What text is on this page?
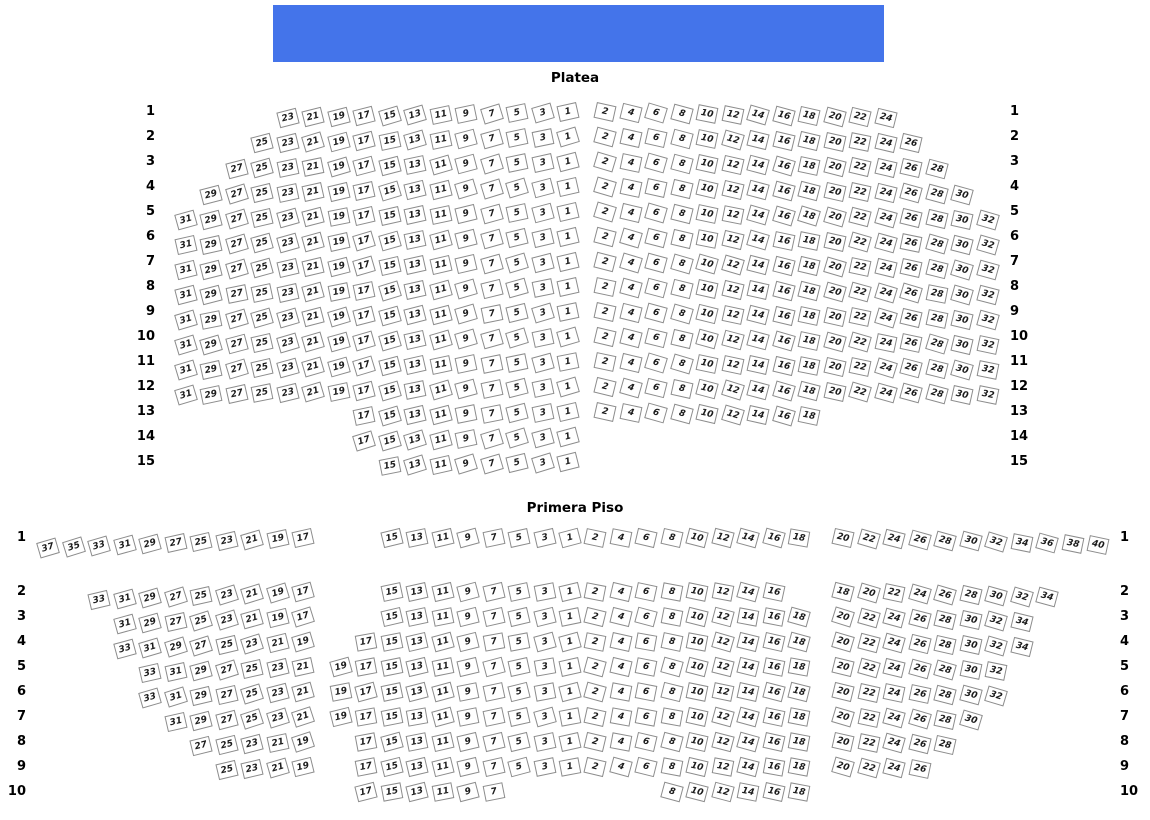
Platea
Primera Piso
23	21	19	17	15	13	11	9	7	5	3	1
25	23	21	19	17	15	13	11	9	7	5	3	1
27	25	23	21	19	17	15	13	11	9	7	5	3	1
29	27	25	23	21	19	17	15	13	11	9	7	5	3	1
31	29	27	25	23	21	19	17	15	13	11	9	7	5	3	1
31	29	27	25	23	21	19	17	15	13	11	9	7	5	3	1
31	29	27	25	23	21	19	17	15	13	11	9	7	5	3	1
31	29	27	25	23	21	19	17	15	13	11	9	7	5	3	1
31	29	27	25	23	21	19	17	15	13	11	9	7	5	3	1
31	29	27	25	23	21	19	17	15	13	11	9	7	5	3	1
31	29	27	25	23	21	19	17	15	13	11	9	7	5	3	1
31	29	27	25	23	21	19	17	15	13	11	9	7	5	3	1
17	15	13	11	9	7	5	3	1
17	15	13	11	9	7	5	3	1
15	13	11	9	7	5	3	1
2	4	6	8	10	12	14	16	18	20	22	24
2	4	6	8	10	12	14	16	18	20	22	24	26
2	4	6	8	10	12	14	16	18	20	22	24	26	28
2	4	6	8	10	12	14	16	18	20	22	24	26	28	30
2	4	6	8	10	12	14	16	18	20	22	24	26	28	30	32
2	4	6	8	10	12	14	16	18	20	22	24	26	28	30	32
2	4	6	8	10	12	14	16	18	20	22	24	26	28	30	32
2	4	6	8	10	12	14	16	18	20	22	24	26	28	30	32
2	4	6	8	10	12	14	16	18	20	22	24	26	28	30	32
2	4	6	8	10	12	14	16	18	20	22	24	26	28	30	32
2	4	6	8	10	12	14	16	18	20	22	24	26	28	30	32
2	4	6	8	10	12	14	16	18	20	22	24	26	28	30	32
2	4	6	8	10	12	14	16	18
37	35	33	31	29	27	25	23	21	19	17
33	31	29	27	25	23	21	19	17
31	29	27	25	23	21	19	17
33	31	29	27	25	23	21	19
33	31	29	27	25	23	21
33	31	29	27	25	23	21
31	29	27	25	23	21
27	25	23	21	19
25	23	21	19
15	13	11	9	7	5	3	1	2	4	6	8	10	12	14	16	18
15	13	11	9	7	5	3	1	2	4	6	8	10	12	14	16
15	13	11	9	7	5	3	1	2	4	6	8	10	12	14	16	18
17	15	13	11	9	7	5	3	1	2	4	6	8	10	12	14	16	18
19	17	15	13	11	9	7	5	3	1	2	4	6	8	10	12	14	16	18
19	17	15	13	11	9	7	5	3	1	2	4	6	8	10	12	14	16	18
19	17	15	13	11	9	7	5	3	1	2	4	6	8	10	12	14	16	18
17	15	13	11	9	7	5	3	1	2	4	6	8	10	12	14	16	18
17	15	13	11	9	7	5	3	1	2	4	6	8	10	12	14	16	18
17	15	13	11	9	7	8	10	12	14	16	18
20	22	24	26	28	30	32	34	36	38	40
18	20	22	24	26	28	30	32	34
20	22	24	26	28	30	32	34
20	22	24	26	28	30	32	34
20	22	24	26	28	30	32
20	22	24	26	28	30	32
20	22	24	26	28	30
20	22	24	26	28
20	22	24	26
1	1
2	2
3	3
4	4
5	5
6	6
7	7
8	8
9	9
10	10
11	11
12	12
13	13
14	14
15	15
1	1
2	2
3	3
4	4
5	5
6	6
7	7
8	8
9	9
10	10
